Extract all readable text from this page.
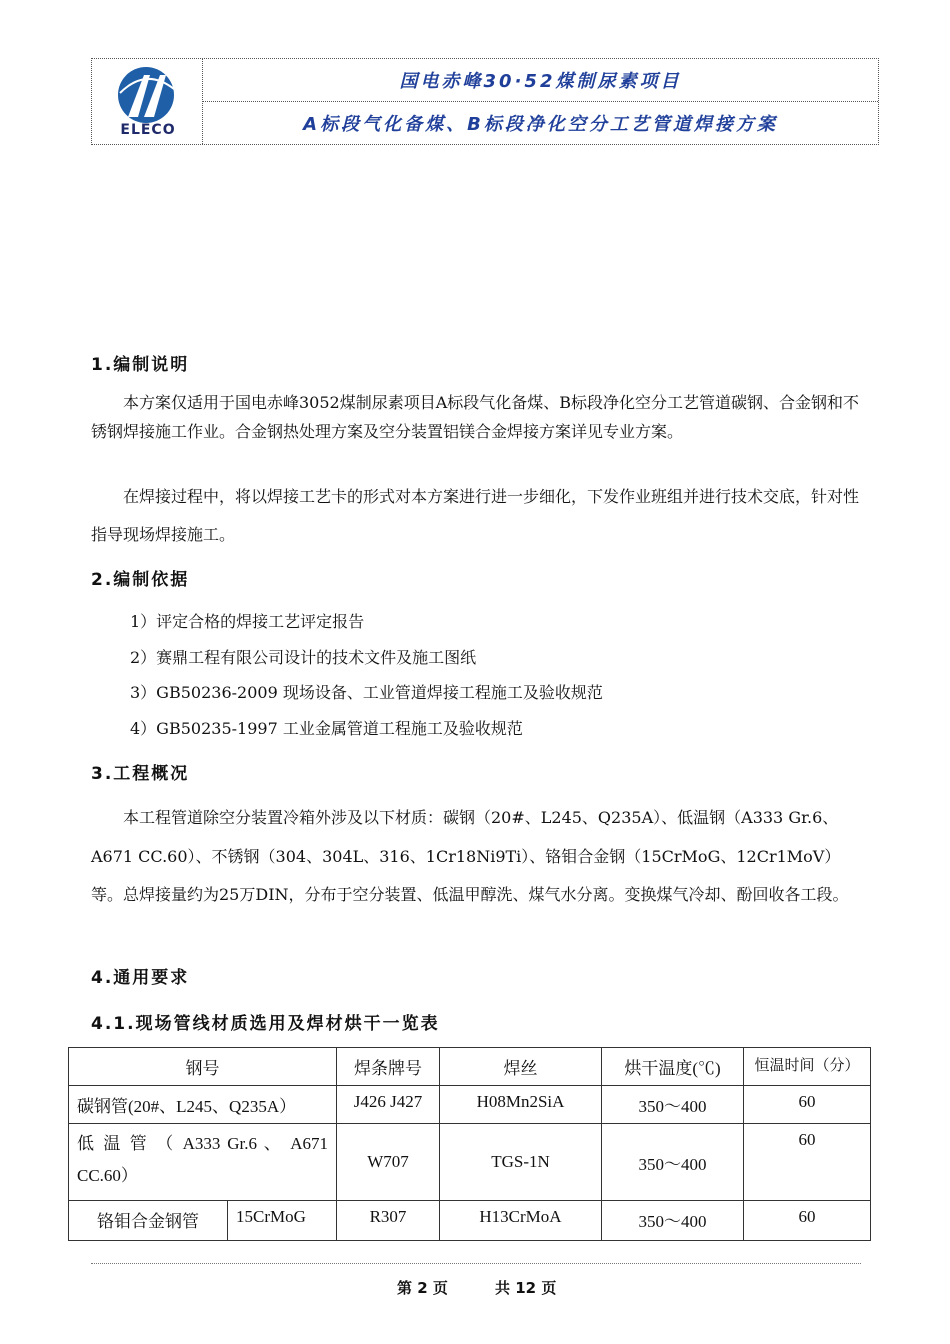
ELECO
国电赤峰30·52煤制尿素项目
A标段气化备煤、B标段净化空分工艺管道焊接方案
1.编制说明
本方案仅适用于国电赤峰3052煤制尿素项目A标段气化备煤、B标段净化空分工艺管道碳钢、合金钢和不锈钢焊接施工作业。合金钢热处理方案及空分装置铝镁合金焊接方案详见专业方案。
在焊接过程中，将以焊接工艺卡的形式对本方案进行进一步细化，下发作业班组并进行技术交底，针对性指导现场焊接施工。
2.编制依据
1）评定合格的焊接工艺评定报告
2）赛鼎工程有限公司设计的技术文件及施工图纸
3）GB50236-2009 现场设备、工业管道焊接工程施工及验收规范
4）GB50235-1997 工业金属管道工程施工及验收规范
3.工程概况
本工程管道除空分装置冷箱外涉及以下材质：碳钢（20#、L245、Q235A）、低温钢（A333 Gr.6、A671 CC.60）、不锈钢（304、304L、316、1Cr18Ni9Ti）、铬钼合金钢（15CrMoG、12Cr1MoV）等。总焊接量约为25万DIN，分布于空分装置、低温甲醇洗、煤气水分离。变换煤气冷却、酚回收各工段。
4.通用要求
4.1.现场管线材质选用及焊材烘干一览表
钢号		焊条牌号	焊丝	烘干温度(℃)	恒温时间（分）
碳钢管(20#、L245、Q235A）		J426 J427	H08Mn2SiA	350～400	60
低 温 管 （ A333 Gr.6 、 A671 CC.60）		W707	TGS-1N	350～400	60
铬钼合金钢管	15CrMoG	R307	H13CrMoA	350～400	60
第 2 页	共 12 页
